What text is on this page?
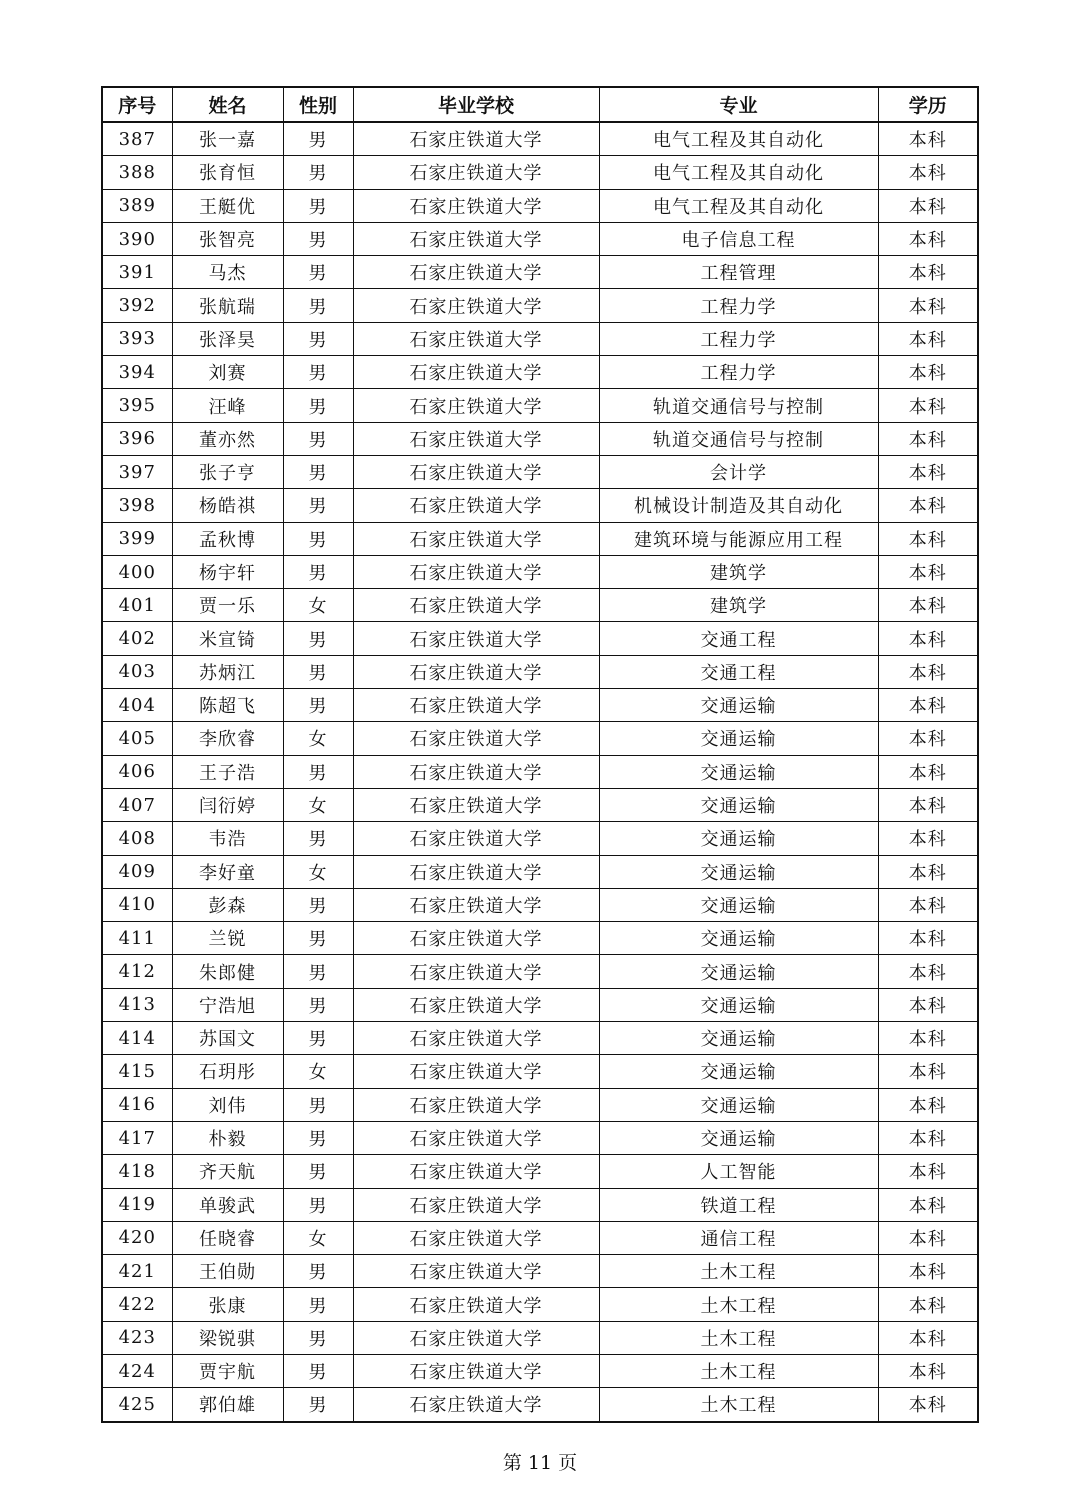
序号	姓名	性别	毕业学校	专业	学历
387	张一嘉	男	石家庄铁道大学	电气工程及其自动化	本科
388	张育恒	男	石家庄铁道大学	电气工程及其自动化	本科
389	王艇优	男	石家庄铁道大学	电气工程及其自动化	本科
390	张智亮	男	石家庄铁道大学	电子信息工程	本科
391	马杰	男	石家庄铁道大学	工程管理	本科
392	张航瑞	男	石家庄铁道大学	工程力学	本科
393	张泽昊	男	石家庄铁道大学	工程力学	本科
394	刘赛	男	石家庄铁道大学	工程力学	本科
395	汪峰	男	石家庄铁道大学	轨道交通信号与控制	本科
396	董亦然	男	石家庄铁道大学	轨道交通信号与控制	本科
397	张子亨	男	石家庄铁道大学	会计学	本科
398	杨皓祺	男	石家庄铁道大学	机械设计制造及其自动化	本科
399	孟秋博	男	石家庄铁道大学	建筑环境与能源应用工程	本科
400	杨宇轩	男	石家庄铁道大学	建筑学	本科
401	贾一乐	女	石家庄铁道大学	建筑学	本科
402	米宣锜	男	石家庄铁道大学	交通工程	本科
403	苏炳江	男	石家庄铁道大学	交通工程	本科
404	陈超飞	男	石家庄铁道大学	交通运输	本科
405	李欣睿	女	石家庄铁道大学	交通运输	本科
406	王子浩	男	石家庄铁道大学	交通运输	本科
407	闫衍婷	女	石家庄铁道大学	交通运输	本科
408	韦浩	男	石家庄铁道大学	交通运输	本科
409	李好童	女	石家庄铁道大学	交通运输	本科
410	彭森	男	石家庄铁道大学	交通运输	本科
411	兰锐	男	石家庄铁道大学	交通运输	本科
412	朱郎健	男	石家庄铁道大学	交通运输	本科
413	宁浩旭	男	石家庄铁道大学	交通运输	本科
414	苏国文	男	石家庄铁道大学	交通运输	本科
415	石玥彤	女	石家庄铁道大学	交通运输	本科
416	刘伟	男	石家庄铁道大学	交通运输	本科
417	朴毅	男	石家庄铁道大学	交通运输	本科
418	齐天航	男	石家庄铁道大学	人工智能	本科
419	单骏武	男	石家庄铁道大学	铁道工程	本科
420	任晓睿	女	石家庄铁道大学	通信工程	本科
421	王伯勋	男	石家庄铁道大学	土木工程	本科
422	张康	男	石家庄铁道大学	土木工程	本科
423	梁锐骐	男	石家庄铁道大学	土木工程	本科
424	贾宇航	男	石家庄铁道大学	土木工程	本科
425	郭伯雄	男	石家庄铁道大学	土木工程	本科
第 11 页
